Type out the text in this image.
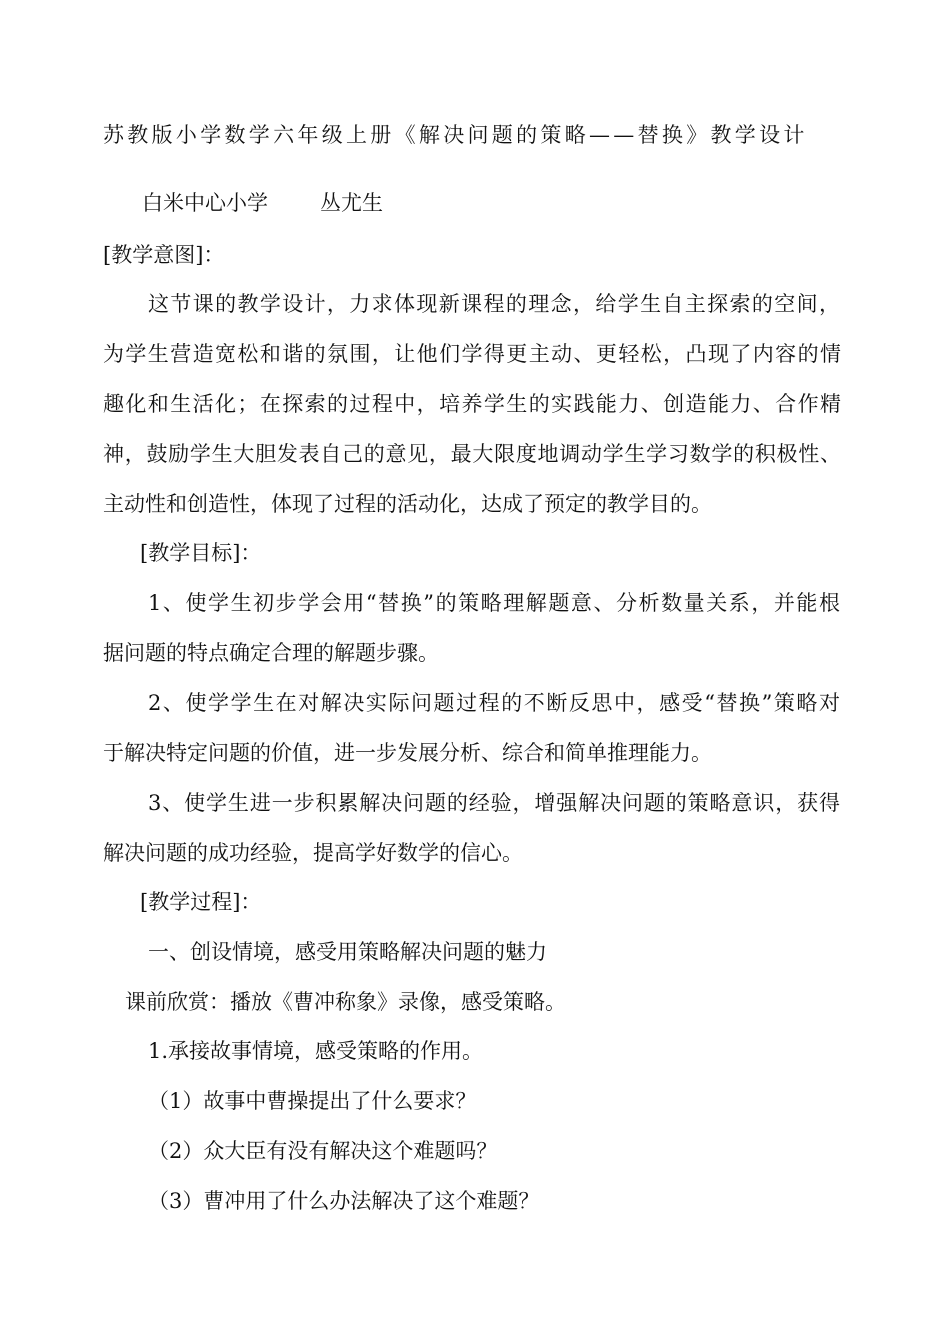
苏教版小学数学六年级上册《解决问题的策略——替换》教学设计

白米中心小学 丛尤生

[教学意图]：

这节课的教学设计，力求体现新课程的理念，给学生自主探索的空间，

为学生营造宽松和谐的氛围，让他们学得更主动、更轻松，凸现了内容的情

趣化和生活化；在探索的过程中，培养学生的实践能力、创造能力、合作精

神，鼓励学生大胆发表自己的意见，最大限度地调动学生学习数学的积极性、

主动性和创造性，体现了过程的活动化，达成了预定的教学目的。

[教学目标]：

1、使学生初步学会用“替换”的策略理解题意、分析数量关系，并能根

据问题的特点确定合理的解题步骤。

2、使学学生在对解决实际问题过程的不断反思中，感受“替换”策略对

于解决特定问题的价值，进一步发展分析、综合和简单推理能力。

3、使学生进一步积累解决问题的经验，增强解决问题的策略意识，获得

解决问题的成功经验，提高学好数学的信心。

[教学过程]：

一、创设情境，感受用策略解决问题的魅力

课前欣赏：播放《曹冲称象》录像，感受策略。

1.承接故事情境，感受策略的作用。

（1）故事中曹操提出了什么要求？

（2）众大臣有没有解决这个难题吗？

（3）曹冲用了什么办法解决了这个难题？
